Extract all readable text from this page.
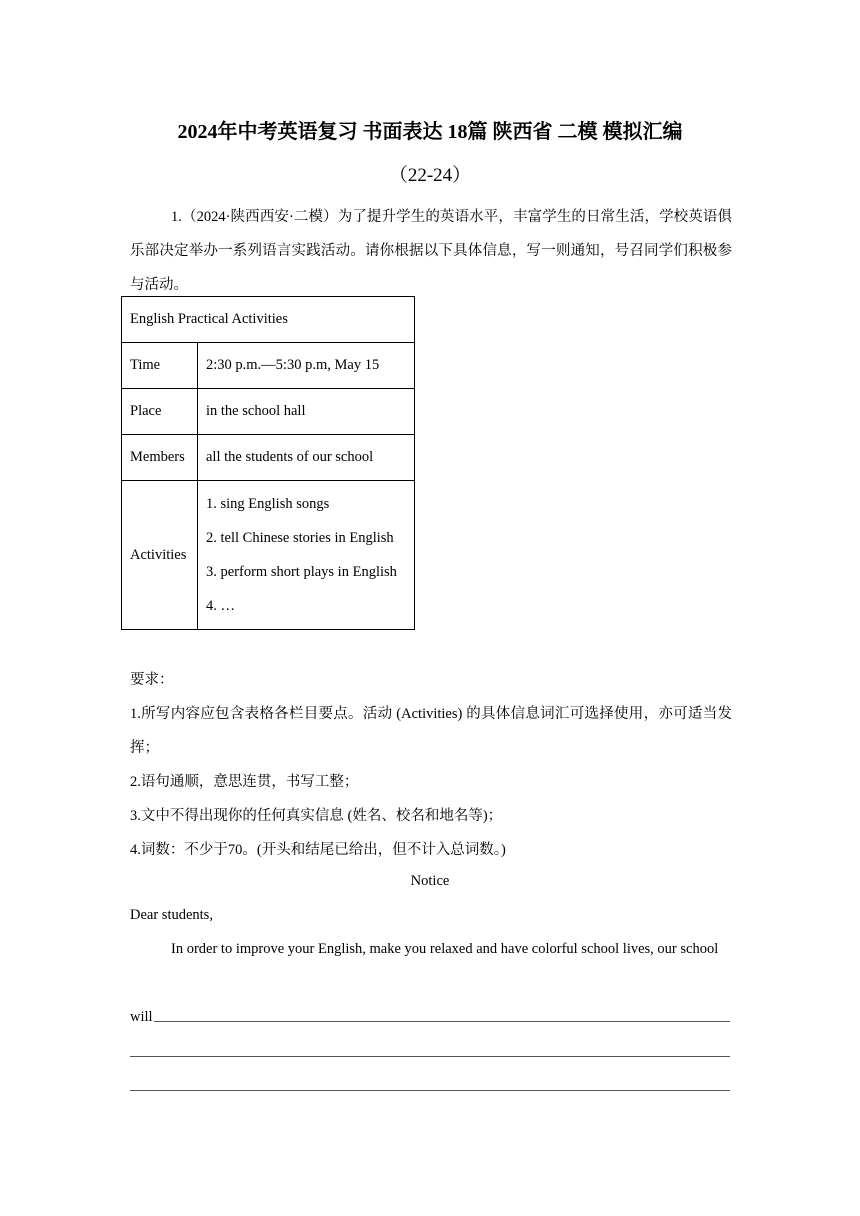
2024年中考英语复习 书面表达 18篇 陕西省 二模 模拟汇编
（22-24）

1.（2024·陕西西安·二模）为了提升学生的英语水平，丰富学生的日常生活，学校英语俱乐部决定举办一系列语言实践活动。请你根据以下具体信息，写一则通知，号召同学们积极参与活动。

English Practical Activities	
Time	2:30 p.m.—5:30 p.m, May 15
Place	in the school hall
Members	all the students of our school
Activities	1. sing English songs
2. tell Chinese stories in English
3. perform short plays in English
4. …

要求：

1.所写内容应包含表格各栏目要点。活动 (Activities) 的具体信息词汇可选择使用，亦可适当发挥；

2.语句通顺，意思连贯，书写工整；

3.文中不得出现你的任何真实信息 (姓名、校名和地名等)；

4.词数：不少于70。(开头和结尾已给出，但不计入总词数。)

Notice

Dear students,

In order to improve your English, make you relaxed and have colorful school lives, our school

will
